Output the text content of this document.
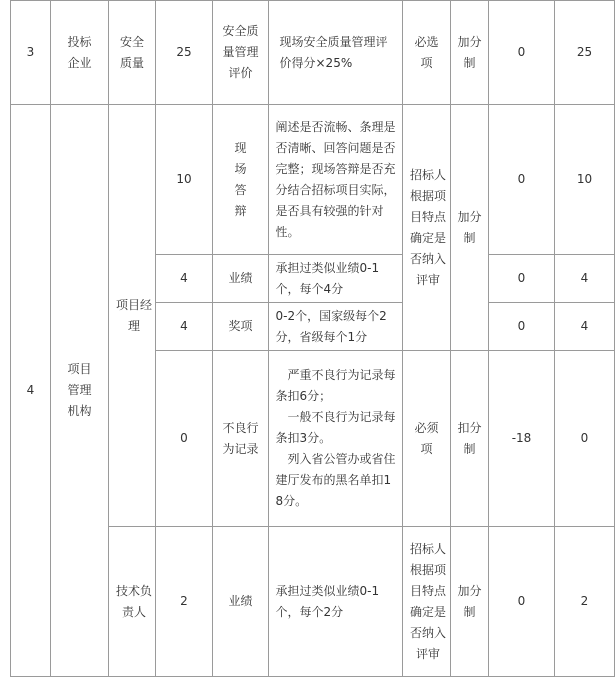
3	投标企业	安全质量	25	安全质量管理评价	现场安全质量管理评价得分×25%	必选项	加分制	0	25
4	项目管理机构	项目经理	10	现场答辩	阐述是否流畅、条理是否清晰、回答问题是否完整；现场答辩是否充分结合招标项目实际，是否具有较强的针对性。	招标人根据项目特点确定是否纳入评审	加分制	0	10
			4	业绩	承担过类似业绩0-1个，每个4分			0	4
			4	奖项	0-2个，国家级每个2分，省级每个1分			0	4
			0	不良行为记录	严重不良行为记录每条扣6分；
一般不良行为记录每条扣3分。
列入省公管办或省住建厅发布的黑名单扣18分。	必须项	扣分制	-18	0
		技术负责人	2	业绩	承担过类似业绩0-1个，每个2分	招标人根据项目特点确定是否纳入评审	加分制	0	2
